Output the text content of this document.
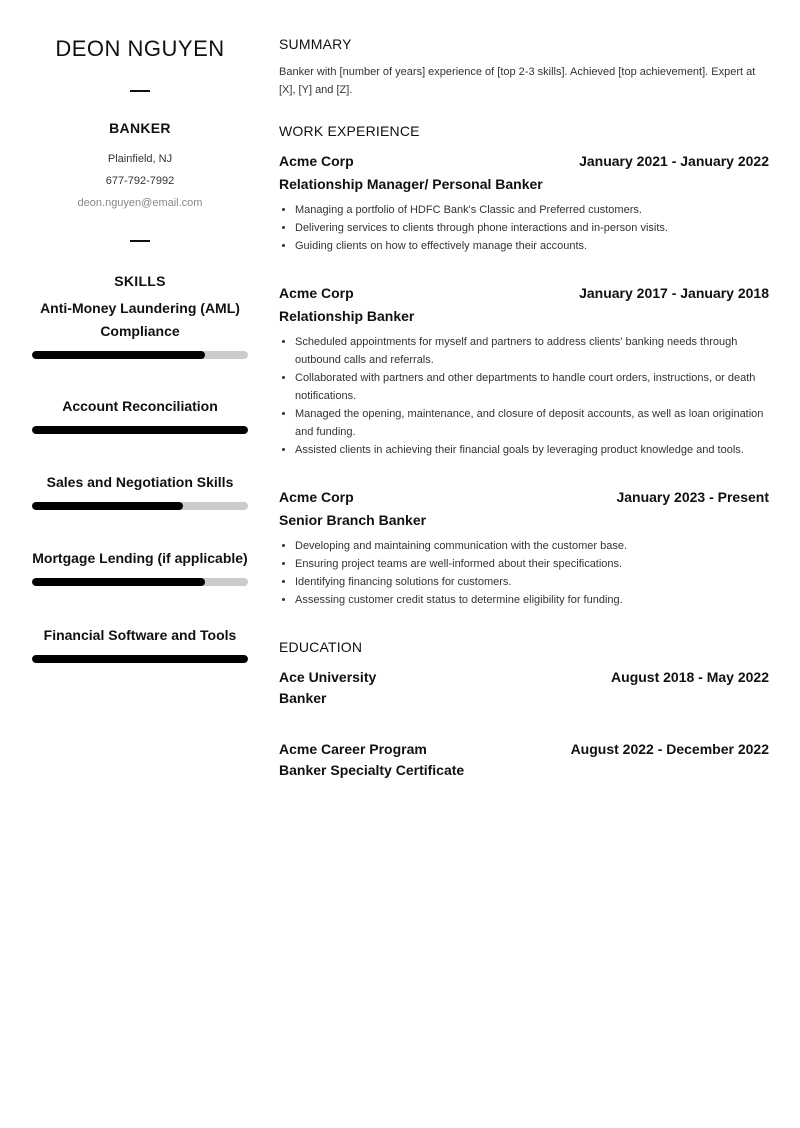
DEON NGUYEN
BANKER
Plainfield, NJ
677-792-7992
deon.nguyen@email.com
SKILLS
Anti-Money Laundering (AML) Compliance
Account Reconciliation
Sales and Negotiation Skills
Mortgage Lending (if applicable)
Financial Software and Tools
SUMMARY
Banker with [number of years] experience of [top 2-3 skills]. Achieved [top achievement]. Expert at [X], [Y] and [Z].
WORK EXPERIENCE
Acme Corp	January 2021 - January 2022
Relationship Manager/ Personal Banker
• Managing a portfolio of HDFC Bank's Classic and Preferred customers.
• Delivering services to clients through phone interactions and in-person visits.
• Guiding clients on how to effectively manage their accounts.
Acme Corp	January 2017 - January 2018
Relationship Banker
• Scheduled appointments for myself and partners to address clients' banking needs through outbound calls and referrals.
• Collaborated with partners and other departments to handle court orders, instructions, or death notifications.
• Managed the opening, maintenance, and closure of deposit accounts, as well as loan origination and funding.
• Assisted clients in achieving their financial goals by leveraging product knowledge and tools.
Acme Corp	January 2023 - Present
Senior Branch Banker
• Developing and maintaining communication with the customer base.
• Ensuring project teams are well-informed about their specifications.
• Identifying financing solutions for customers.
• Assessing customer credit status to determine eligibility for funding.
EDUCATION
Ace University	August 2018 - May 2022
Banker
Acme Career Program	August 2022 - December 2022
Banker Specialty Certificate
